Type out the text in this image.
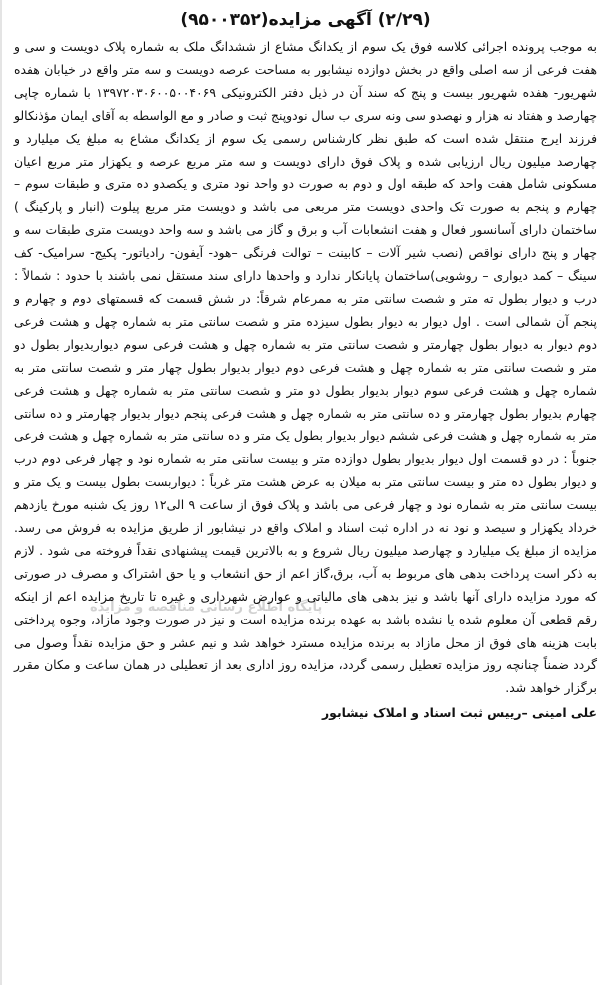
(۲/۲۹) آگهی مزایده(۹۵۰۰۳۵۲)

به موجب پرونده اجرائی کلاسه فوق یک سوم از یکدانگ مشاع از ششدانگ ملک به شماره پلاک دویست و سی و هفت فرعی از سه اصلی واقع در بخش دوازده نیشابور به مساحت عرصه دویست و سه متر واقع در خیابان هفده شهریور- هفده شهریور بیست و پنج که سند آن در ذیل دفتر الکترونیکی ۱۳۹۷۲۰۳۰۶۰۰۵۰۰۴۰۶۹ با شماره چاپی چهارصد و هفتاد نه هزار و نهصدو سی ونه سری ب سال نودوپنج ثبت و صادر و مع الواسطه به آقای ایمان مؤذنکالو فرزند ایرج منتقل شده است که طبق نظر کارشناس رسمی یک سوم از یکدانگ مشاع به مبلغ یک میلیارد و چهارصد میلیون ریال ارزیابی شده و پلاک فوق دارای دویست و سه متر مربع عرصه و یکهزار متر مربع اعیان مسکونی شامل هفت واحد که طبقه اول و دوم به صورت دو واحد نود متری و یکصدو ده متری و طبقات سوم – چهارم و پنجم به صورت تک واحدی دویست متر مربعی می باشد و دویست متر مربع پیلوت (انبار و پارکینگ ) ساختمان دارای آسانسور فعال و هفت انشعابات آب و برق و گاز می باشد و سه واحد دویست متری طبقات سه و چهار و پنج دارای نواقص (نصب شیر آلات – کابینت – توالت فرنگی –هود- آیفون- رادیاتور- پکیج- سرامیک- کف سینگ – کمد دیواری – روشویی)ساختمان پایانکار ندارد و واحدها دارای سند مستقل نمی باشند با حدود : شمالاً : درب و دیوار بطول ته متر و شصت سانتی متر به ممرعام شرقاً: در شش قسمت که قسمتهای دوم و چهارم و پنجم آن شمالی است . اول دیوار به دیوار بطول سیزده متر و شصت سانتی متر به شماره چهل و هشت فرعی دوم دیوار به دیوار بطول چهارمتر و شصت سانتی متر به شماره چهل و هشت فرعی سوم دیواربدیوار بطول دو متر و شصت سانتی متر به شماره چهل و هشت فرعی دوم دیوار بدیوار بطول چهار متر و شصت سانتی متر به شماره چهل و هشت فرعی سوم دیوار بدیوار بطول دو متر و شصت سانتی متر به شماره چهل و هشت فرعی چهارم بدیوار بطول چهارمتر و ده سانتی متر به شماره چهل و هشت فرعی پنجم دیوار بدیوار چهارمتر و ده سانتی متر به شماره چهل و هشت فرعی ششم دیوار بدیوار بطول یک متر و ده سانتی متر به شماره چهل و هشت فرعی جنوباً : در دو قسمت اول دیوار بدیوار بطول دوازده متر و بیست سانتی متر به شماره نود و چهار فرعی دوم درب و دیوار بطول ده متر و بیست سانتی متر به میلان به عرض هشت متر غرباً : دیواربست بطول بیست و یک متر و بیست سانتی متر به شماره نود و چهار فرعی می باشد و پلاک فوق از ساعت ۹ الی۱۲ روز یک شنبه مورخ یازدهم خرداد یکهزار و سیصد و نود نه در اداره ثبت اسناد و املاک واقع در نیشابور از طریق مزایده به فروش می رسد. مزایده از مبلغ یک میلیارد و چهارصد میلیون ریال شروع و به بالاترین قیمت پیشنهادی نقداً فروخته می شود . لازم به ذکر است پرداخت بدهی های مربوط به آب، برق،گاز اعم از حق انشعاب و یا حق اشتراک و مصرف در صورتی که مورد مزایده دارای آنها باشد و نیز بدهی های مالیاتی و عوارض شهرداری و غیره تا تاریخ مزایده اعم از اینکه رقم قطعی آن معلوم شده یا نشده باشد به عهده برنده مزایده است و نیز در صورت وجود مازاد، وجوه پرداختی بابت هزینه های فوق از محل مازاد به برنده مزایده مسترد خواهد شد و نیم عشر و حق مزایده نقداً وصول می گردد ضمناً چنانچه روز مزایده تعطیل رسمی گردد، مزایده روز اداری بعد از تعطیلی در همان ساعت و مکان مقرر برگزار خواهد شد.

علی امینی –رییس ثبت اسناد و املاک نیشابور
پایگاه اطلاع رسانی مناقصه و مزایده
